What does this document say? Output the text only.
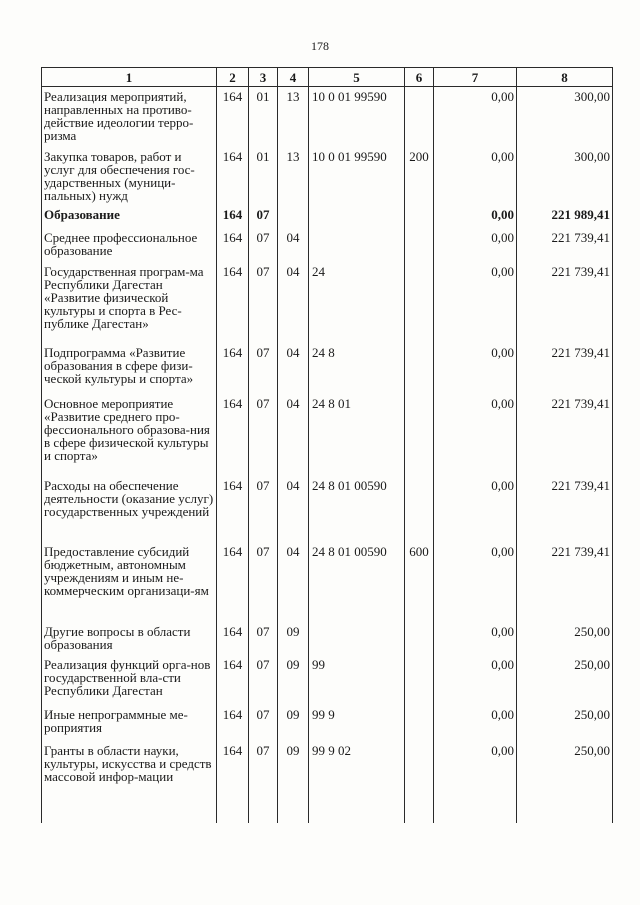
178
1	2	3	4	5	6	7	8
Реализация мероприятий, направленных на противо-действие идеологии терро-ризма	164	01	13	10 0 01 99590		0,00	300,00
Закупка товаров, работ и услуг для обеспечения гос-ударственных (муници-пальных) нужд	164	01	13	10 0 01 99590	200	0,00	300,00
Образование	164	07				0,00	221 989,41
Среднее профессиональное образование	164	07	04			0,00	221 739,41
Государственная програм-ма Республики Дагестан «Развитие физической культуры и спорта в Рес-публике Дагестан»	164	07	04	24		0,00	221 739,41
Подпрограмма «Развитие образования в сфере физи-ческой культуры и спорта»	164	07	04	24 8		0,00	221 739,41
Основное мероприятие «Развитие среднего про-фессионального образова-ния в сфере физической культуры и спорта»	164	07	04	24 8 01		0,00	221 739,41
Расходы на обеспечение деятельности (оказание услуг) государственных учреждений	164	07	04	24 8 01 00590		0,00	221 739,41
Предоставление субсидий бюджетным, автономным учреждениям и иным не-коммерческим организаци-ям	164	07	04	24 8 01 00590	600	0,00	221 739,41
Другие вопросы в области образования	164	07	09			0,00	250,00
Реализация функций орга-нов государственной вла-сти Республики Дагестан	164	07	09	99		0,00	250,00
Иные непрограммные ме-роприятия	164	07	09	99 9		0,00	250,00
Гранты в области науки, культуры, искусства и средств массовой инфор-мации	164	07	09	99 9 02		0,00	250,00
